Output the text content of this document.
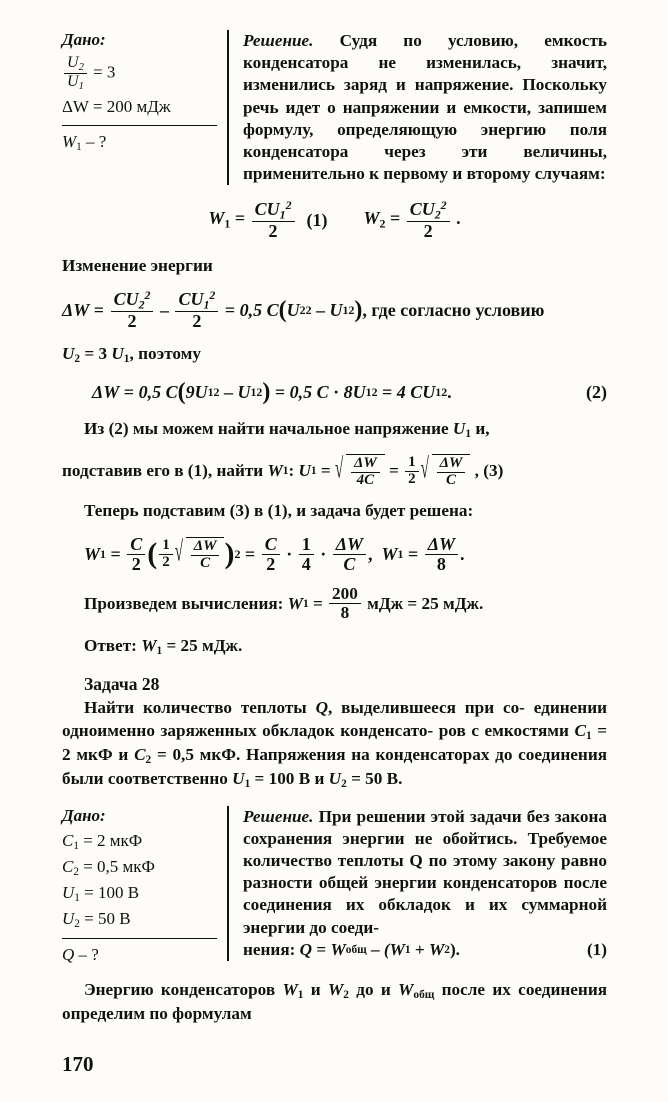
Дано:
$\frac{U_2}{U_1} = 3$
ΔW = 200 мДж
$W_1$ – ?
Решение. Судя по условию, емкость конденсатора не изменилась, значит, изменились заряд и напряжение. Поскольку речь идет о напряжении и емкости, запишем формулу, определяющую энергию поля конденсатора через эти величины, применительно к первому и второму случаям:
$W_1 = \frac{CU_1^2}{2} (1) W_2 = \frac{CU_2^2}{2}$ .
Изменение энергии
$\Delta W = \frac{CU_2^2}{2} - \frac{CU_1^2}{2} = 0,5$ C ( U 2 2 – U 1 2 ) , где согласно условию
$U_2 = 3$ $U_1$, поэтому
ΔW = 0,5 C ( 9U 1 2 – U 1 2 ) = 0,5 C · 8U 1 2 = 4 CU 1 2 .	(2)
Из (2) мы можем найти начальное напряжение $U_1$ и,
подставив его в (1), найти
W 1 :
U 1 = √ $\frac{\Delta W}{4C} = \frac{1}{2}$ √ $\frac{\Delta W}{C}$ , (3)
Теперь подставим (3) в (1), и задача будет решена:
W $1 = \frac{C}{2}$ ( $\frac{1}{2}$ √ $\frac{\Delta W}{C}$ ) $2 = \frac{C}{2} \cdot \frac{1}{4} \cdot \frac{\Delta W}{C}$ ,
W $1 = \frac{\Delta W}{8}$ .
Произведем вычисления:
W $1 = \frac{200}{8}$ мДж = 25 мДж .
Ответ: $W_1 = 25$ мДж.
Задача 28
Найти количество теплоты Q, выделившееся при со- единении одноименно заряженных обкладок конденсато- ров с емкостями $C_1 = 2$ мкФ и $C_2 = 0,5$ мкФ. Напряжения на конденсаторах до соединения были соответственно $U_1 = 100$ В и $U_2 = 50$ В.
Дано:
$C_1 = 2$ мкФ
$C_2 = 0,5$ мкФ
$U_1 = 100$ В
$U_2 = 50$ В
Q – ?
Решение. При решении этой задачи без закона сохранения энергии не обойтись. Требуемое количество теплоты Q по этому закону равно разности общей энергии конденсаторов после соединения их обкладок и их суммарной энергии до соеди-
нения:
Q
=
W общ
–
(W 1
+
W 2 ).	(1)
Энергию конденсаторов $W_1$ и $W_2$ до и $W_{общ}$ после их соединения определим по формулам
170
